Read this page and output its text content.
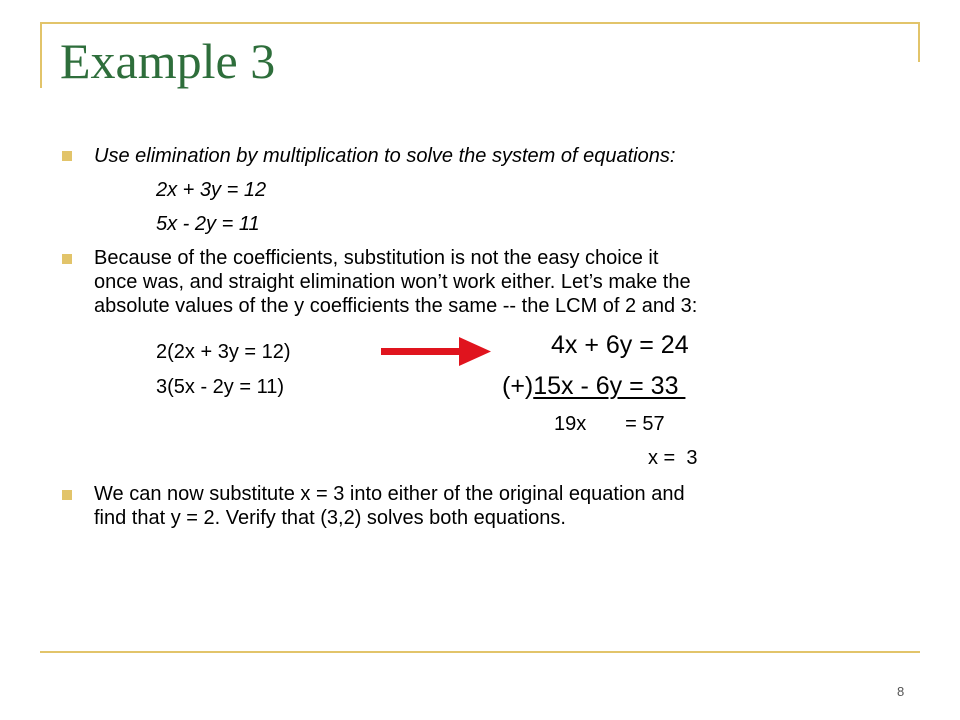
Example 3
Use elimination by multiplication to solve the system of equations:
2x + 3y = 12
5x - 2y = 11
Because of the coefficients, substitution is not the easy choice it
once was, and straight elimination won’t work either. Let’s make the
absolute values of the y coefficients the same -- the LCM of 2 and 3:
2(2x + 3y = 12)
3(5x - 2y = 11)
4x + 6y = 24
(+)15x - 6y = 33
19x       = 57
x =  3
We can now substitute x = 3 into either of the original equation and
find that y = 2. Verify that (3,2) solves both equations.
8
